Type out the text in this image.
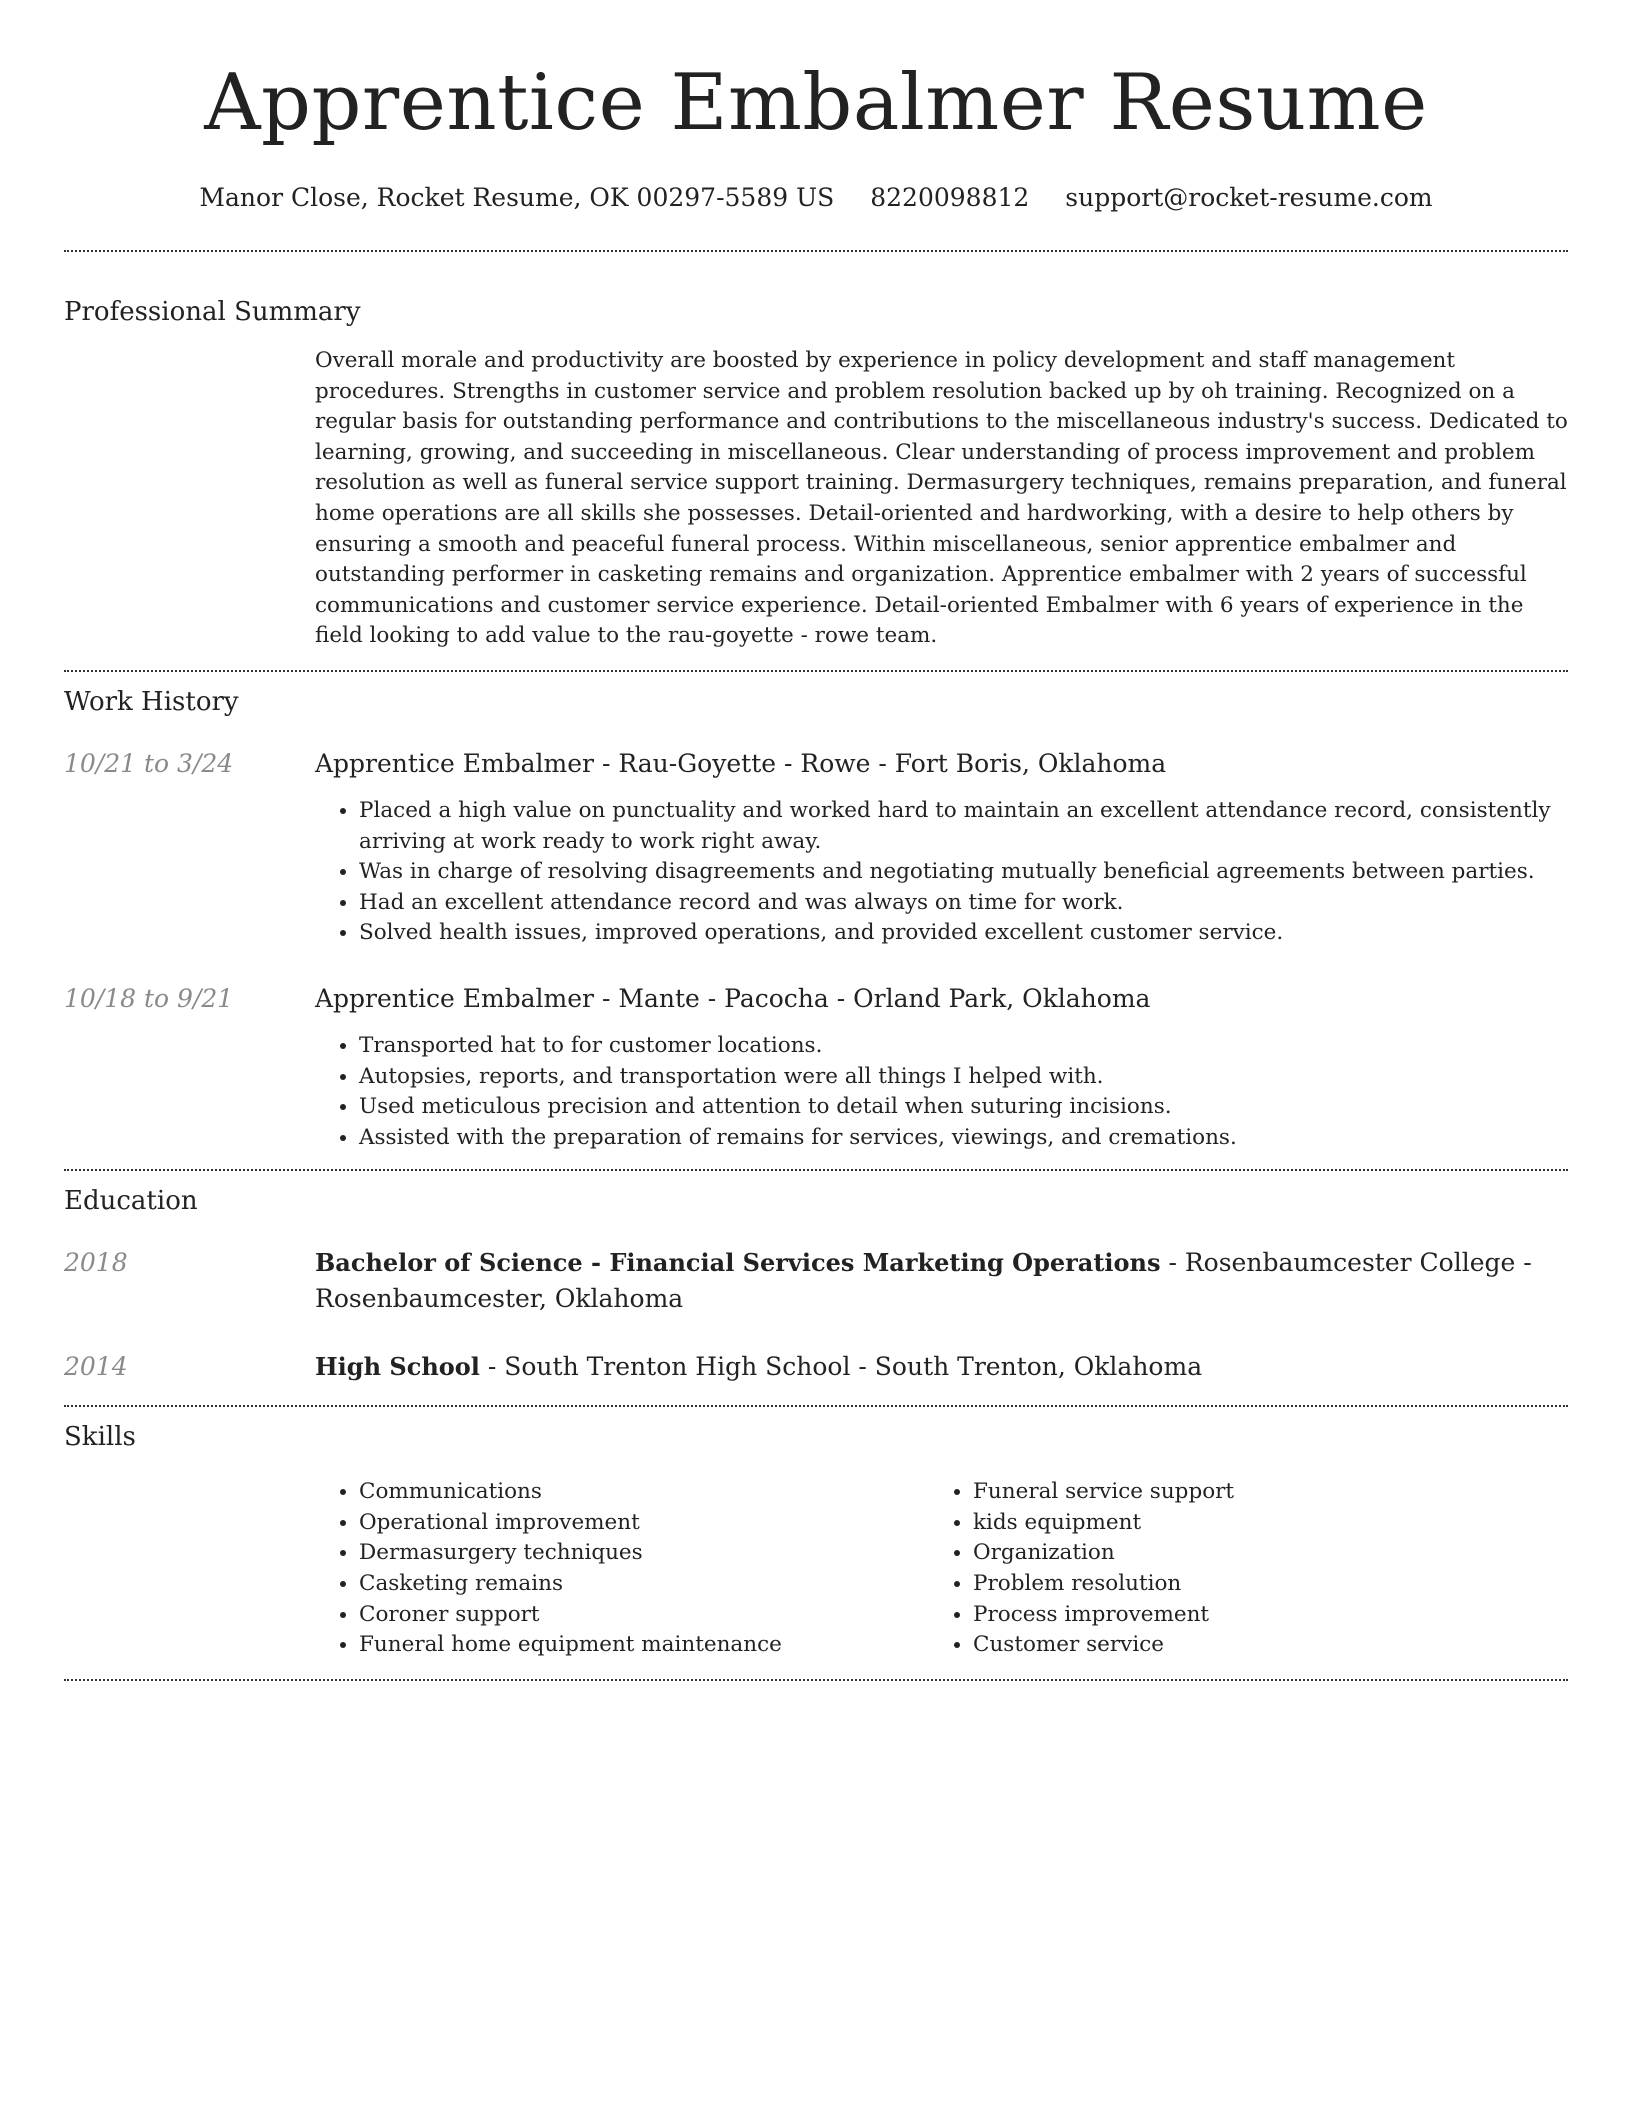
Apprentice Embalmer Resume
Manor Close, Rocket Resume, OK 00297-5589 US 8220098812 support@rocket-resume.com
Professional Summary

Overall morale and productivity are boosted by experience in policy development and staff management procedures. Strengths in customer service and problem resolution backed up by oh training. Recognized on a regular basis for outstanding performance and contributions to the miscellaneous industry's success. Dedicated to learning, growing, and succeeding in miscellaneous. Clear understanding of process improvement and problem resolution as well as funeral service support training. Dermasurgery techniques, remains preparation, and funeral home operations are all skills she possesses. Detail-oriented and hardworking, with a desire to help others by ensuring a smooth and peaceful funeral process. Within miscellaneous, senior apprentice embalmer and outstanding performer in casketing remains and organization. Apprentice embalmer with 2 years of successful communications and customer service experience. Detail-oriented Embalmer with 6 years of experience in the field looking to add value to the rau-goyette - rowe team.

Work History
10/21 to 3/24	Apprentice Embalmer - Rau-Goyette - Rowe - Fort Boris, Oklahoma
• Placed a high value on punctuality and worked hard to maintain an excellent attendance record, consistently arriving at work ready to work right away.
• Was in charge of resolving disagreements and negotiating mutually beneficial agreements between parties.
• Had an excellent attendance record and was always on time for work.
• Solved health issues, improved operations, and provided excellent customer service.
10/18 to 9/21	Apprentice Embalmer - Mante - Pacocha - Orland Park, Oklahoma
• Transported hat to for customer locations.
• Autopsies, reports, and transportation were all things I helped with.
• Used meticulous precision and attention to detail when suturing incisions.
• Assisted with the preparation of remains for services, viewings, and cremations.
Education
2018	Bachelor of Science - Financial Services Marketing Operations - Rosenbaumcester College - Rosenbaumcester, Oklahoma
2014	High School - South Trenton High School - South Trenton, Oklahoma
Skills
• Communications
• Operational improvement
• Dermasurgery techniques
• Casketing remains
• Coroner support
• Funeral home equipment maintenance
• Funeral service support
• kids equipment
• Organization
• Problem resolution
• Process improvement
• Customer service
